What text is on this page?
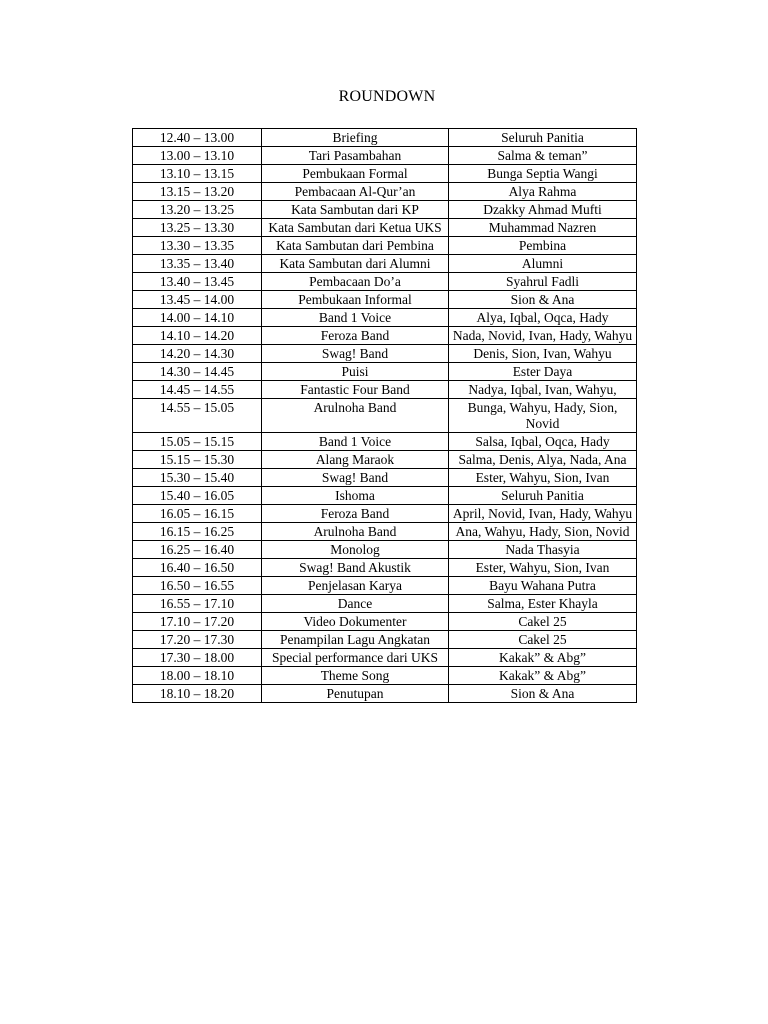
ROUNDOWN
12.40 – 13.00	Briefing	Seluruh Panitia
13.00 – 13.10	Tari Pasambahan	Salma & teman”
13.10 – 13.15	Pembukaan Formal	Bunga Septia Wangi
13.15 – 13.20	Pembacaan Al-Qur’an	Alya Rahma
13.20 – 13.25	Kata Sambutan dari KP	Dzakky Ahmad Mufti
13.25 – 13.30	Kata Sambutan dari Ketua UKS	Muhammad Nazren
13.30 – 13.35	Kata Sambutan dari Pembina	Pembina
13.35 – 13.40	Kata Sambutan dari Alumni	Alumni
13.40 – 13.45	Pembacaan Do’a	Syahrul Fadli
13.45 – 14.00	Pembukaan Informal	Sion & Ana
14.00 – 14.10	Band 1 Voice	Alya, Iqbal, Oqca, Hady
14.10 – 14.20	Feroza Band	Nada, Novid, Ivan, Hady, Wahyu
14.20 – 14.30	Swag! Band	Denis, Sion, Ivan, Wahyu
14.30 – 14.45	Puisi	Ester Daya
14.45 – 14.55	Fantastic Four Band	Nadya, Iqbal, Ivan, Wahyu,
14.55 – 15.05	Arulnoha Band	Bunga, Wahyu, Hady, Sion, Novid
15.05 – 15.15	Band 1 Voice	Salsa, Iqbal, Oqca, Hady
15.15 – 15.30	Alang Maraok	Salma, Denis, Alya, Nada, Ana
15.30 – 15.40	Swag! Band	Ester, Wahyu, Sion, Ivan
15.40 – 16.05	Ishoma	Seluruh Panitia
16.05 – 16.15	Feroza Band	April, Novid, Ivan, Hady, Wahyu
16.15 – 16.25	Arulnoha Band	Ana, Wahyu, Hady, Sion, Novid
16.25 – 16.40	Monolog	Nada Thasyia
16.40 – 16.50	Swag! Band Akustik	Ester, Wahyu, Sion, Ivan
16.50 – 16.55	Penjelasan Karya	Bayu Wahana Putra
16.55 – 17.10	Dance	Salma, Ester Khayla
17.10 – 17.20	Video Dokumenter	Cakel 25
17.20 – 17.30	Penampilan Lagu Angkatan	Cakel 25
17.30 – 18.00	Special performance dari UKS	Kakak” & Abg”
18.00 – 18.10	Theme Song	Kakak” & Abg”
18.10 – 18.20	Penutupan	Sion & Ana
